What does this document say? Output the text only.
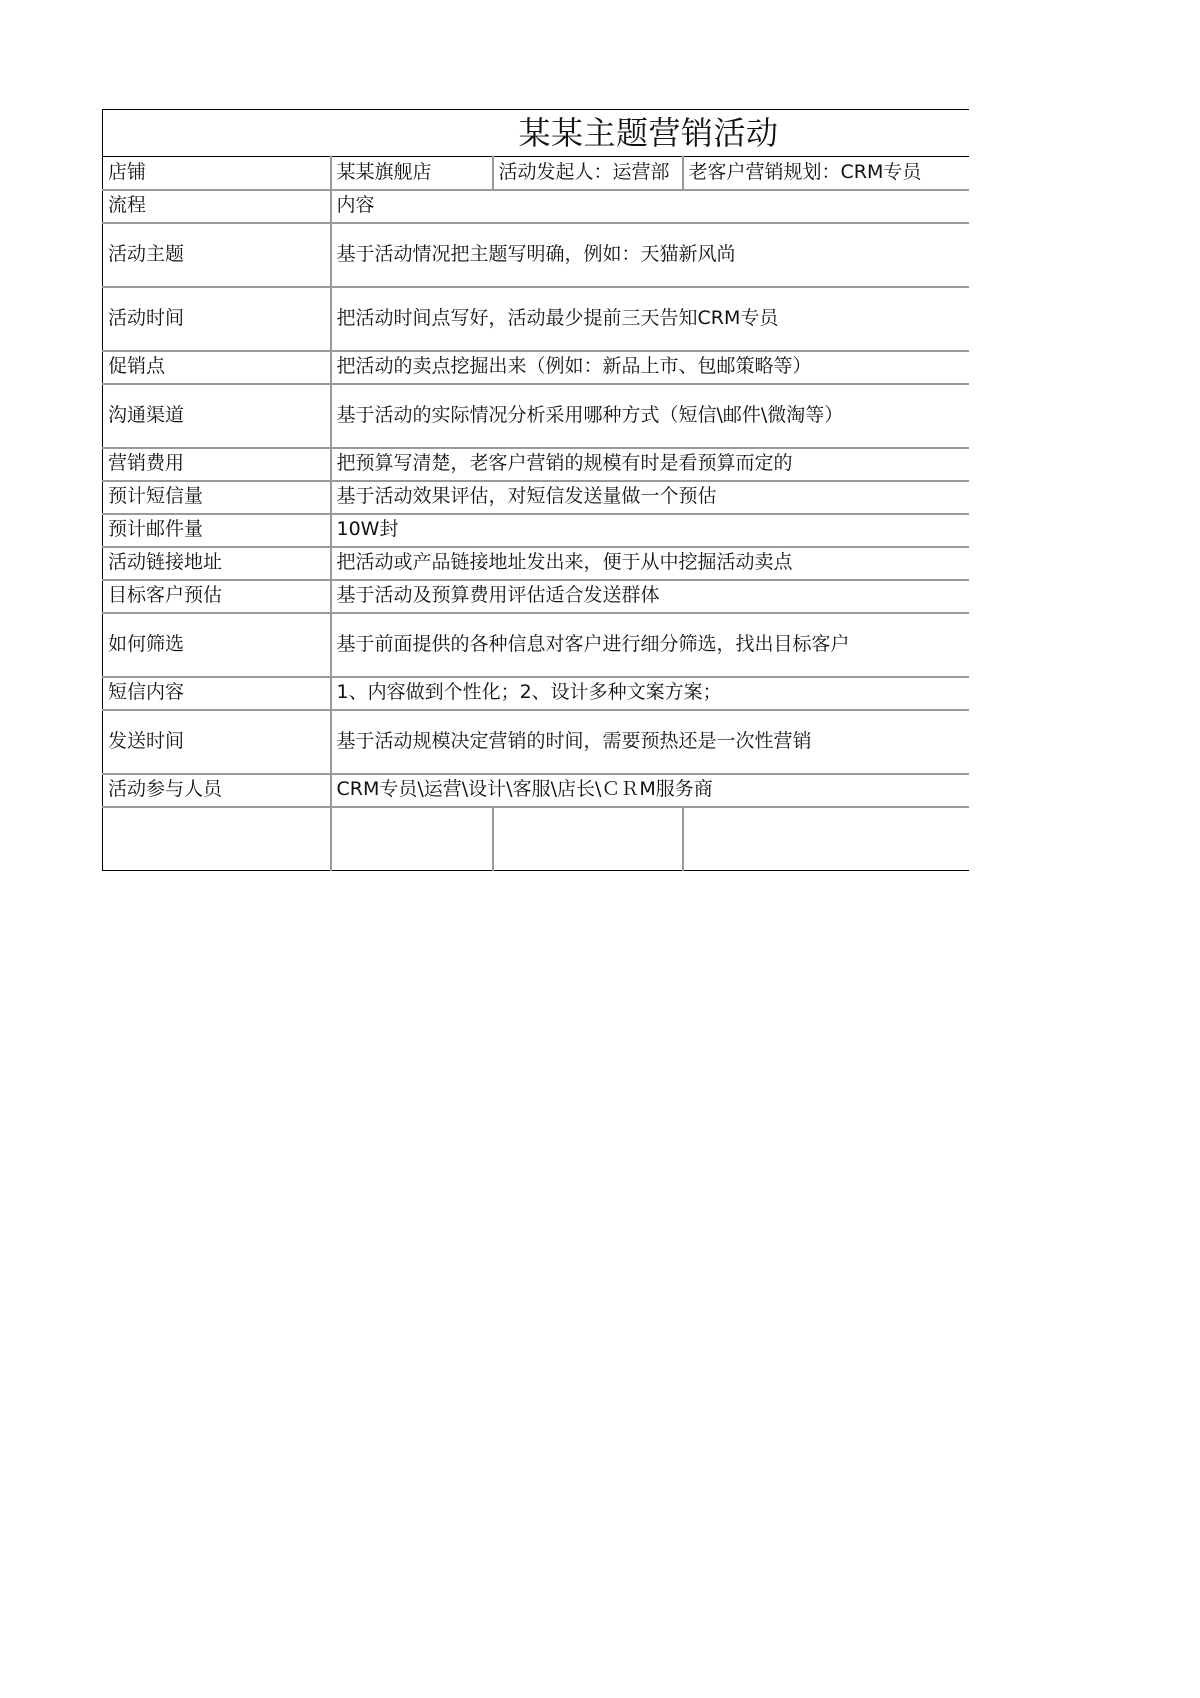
某某主题营销活动			
店铺	某某旗舰店	活动发起人：运营部	老客户营销规划：CRM专员
流程	内容		
活动主题	基于活动情况把主题写明确，例如：天猫新风尚		
活动时间	把活动时间点写好，活动最少提前三天告知CRM专员		
促销点	把活动的卖点挖掘出来（例如：新品上市、包邮策略等）		
沟通渠道	基于活动的实际情况分析采用哪种方式（短信\邮件\微淘等）		
营销费用	把预算写清楚，老客户营销的规模有时是看预算而定的		
预计短信量	基于活动效果评估，对短信发送量做一个预估		
预计邮件量	10W封		
活动链接地址	把活动或产品链接地址发出来，便于从中挖掘活动卖点		
目标客户预估	基于活动及预算费用评估适合发送群体		
如何筛选	基于前面提供的各种信息对客户进行细分筛选，找出目标客户		
短信内容	1、内容做到个性化；2、设计多种文案方案；		
发送时间	基于活动规模决定营销的时间，需要预热还是一次性营销		
活动参与人员	CRM专员\运营\设计\客服\店长\ＣＲM服务商		
